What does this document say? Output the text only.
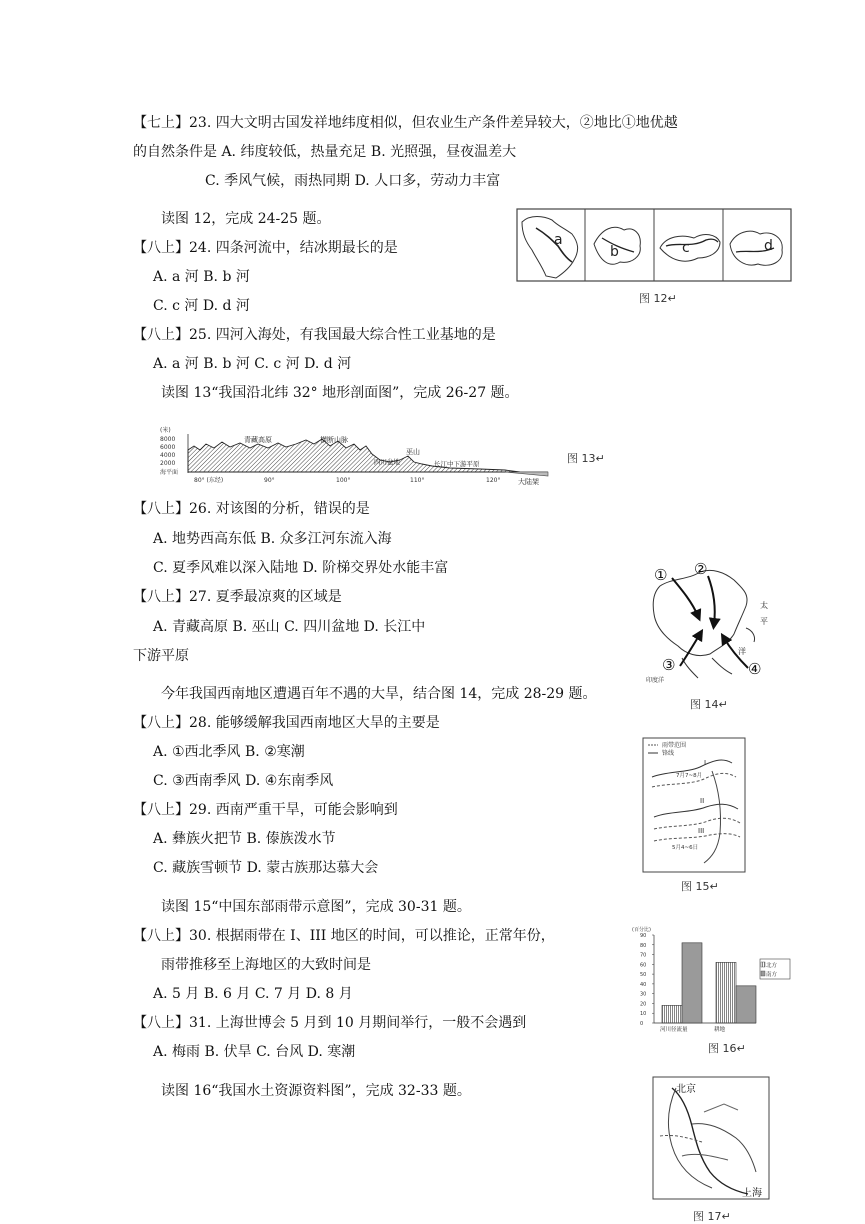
【七上】23. 四大文明古国发祥地纬度相似，但农业生产条件差异较大，②地比①地优越
的自然条件是 A. 纬度较低，热量充足 B. 光照强，昼夜温差大
C. 季风气候，雨热同期 D. 人口多，劳动力丰富
读图 12，完成 24-25 题。
【八上】24. 四条河流中，结冰期最长的是
A. a 河 B. b 河
C. c 河 D. d 河
【八上】25. 四河入海处，有我国最大综合性工业基地的是
A. a 河 B. b 河 C. c 河 D. d 河
读图 13“我国沿北纬 32° 地形剖面图”，完成 26-27 题。
【八上】26. 对该图的分析，错误的是
A. 地势西高东低 B. 众多江河东流入海
C. 夏季风难以深入陆地 D. 阶梯交界处水能丰富
【八上】27. 夏季最凉爽的区域是
A. 青藏高原 B. 巫山 C. 四川盆地 D. 长江中
下游平原
今年我国西南地区遭遇百年不遇的大旱，结合图 14，完成 28-29 题。
【八上】28. 能够缓解我国西南地区大旱的主要是
A. ①西北季风 B. ②寒潮
C. ③西南季风 D. ④东南季风
【八上】29. 西南严重干旱，可能会影响到
A. 彝族火把节 B. 傣族泼水节
C. 藏族雪顿节 D. 蒙古族那达慕大会
读图 15“中国东部雨带示意图”，完成 30-31 题。
【八上】30. 根据雨带在 I、III 地区的时间，可以推论，正常年份，
雨带推移至上海地区的大致时间是
A. 5 月 B. 6 月 C. 7 月 D. 8 月
【八上】31. 上海世博会 5 月到 10 月期间举行，一般不会遇到
A. 梅雨 B. 伏旱 C. 台风 D. 寒潮
读图 16“我国水土资源资料图”，完成 32-33 题。
a
b	c	d
图 12↵
(米)
8000
6000
4000
2000
海平面
青藏高原	横断山脉
巫山
四川盆地	长江中下游平原
大陆架
80° (东经)	90°	100°	110°	120°
图 13↵
① ②
③	④
太
平
洋
印度洋
图 14↵
雨带范围
锋线
I
II
III
7月7~8月
5月4~6日
图 15↵
(百分比)
90
80
70
60
50
40
30
20
10
0
河川径流量	耕地
北方
南方
图 16↵
北京
上海
图 17↵
